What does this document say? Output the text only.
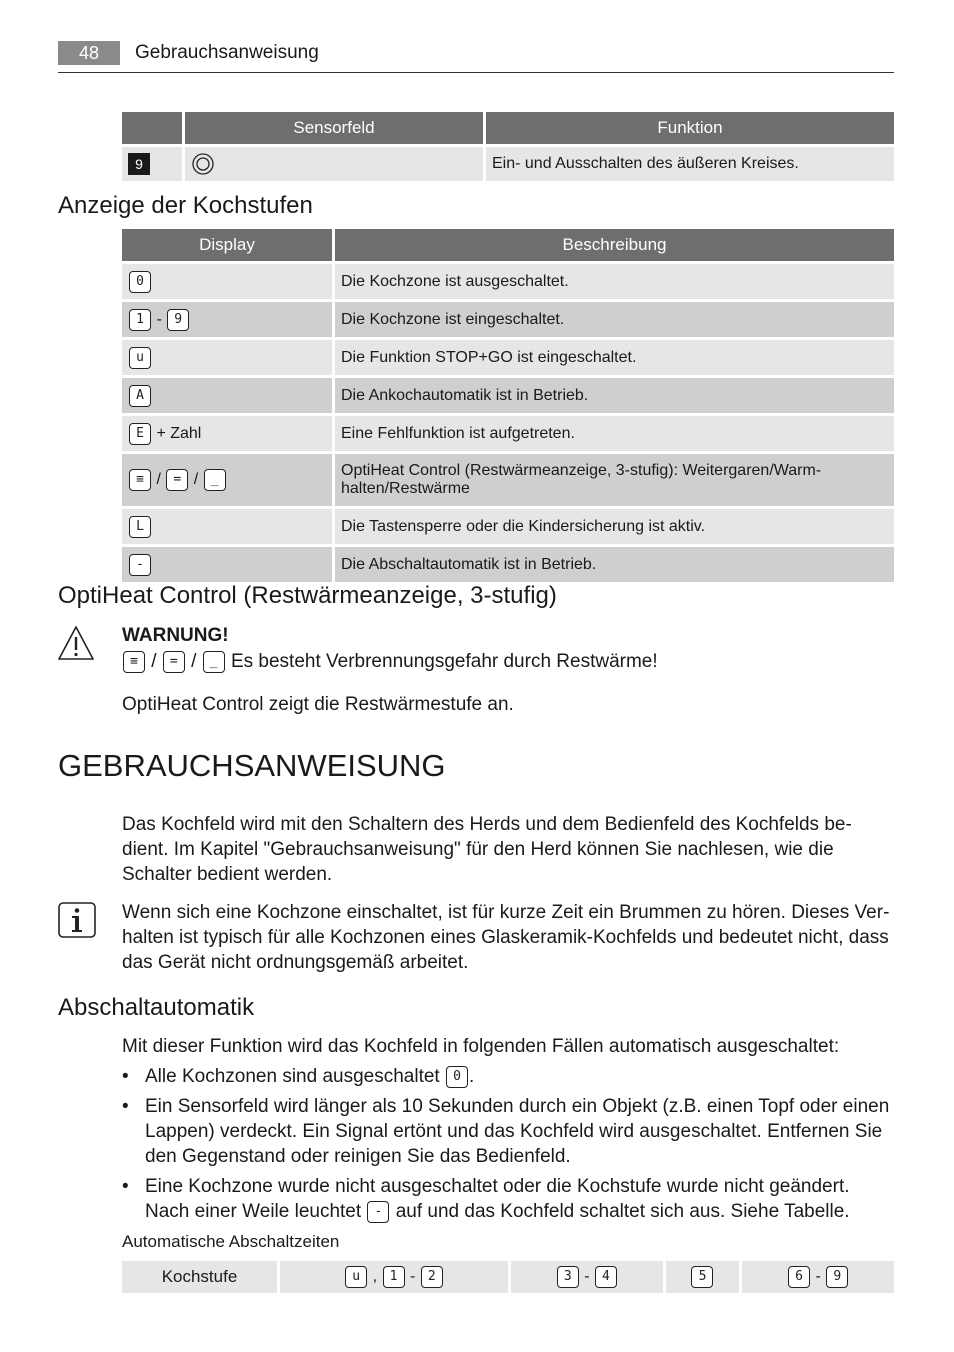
48	Gebrauchsanweisung
	Sensorfeld	Funktion
9		Ein- und Ausschalten des äußeren Kreises.
Anzeige der Kochstufen
Display	Beschreibung
0	Die Kochzone ist ausgeschaltet.
1 - 9	Die Kochzone ist eingeschaltet.
u	Die Funktion STOP+GO ist eingeschaltet.
A	Die Ankochautomatik ist in Betrieb.
E + Zahl	Eine Fehlfunktion ist aufgetreten.
≡ / = / _	OptiHeat Control (Restwärmeanzeige, 3-stufig): Weitergaren/Warm-halten/Restwärme
L	Die Tastensperre oder die Kindersicherung ist aktiv.
-	Die Abschaltautomatik ist in Betrieb.
OptiHeat Control (Restwärmeanzeige, 3-stufig)
WARNUNG!
≡ / = / _ Es besteht Verbrennungsgefahr durch Restwärme!
OptiHeat Control zeigt die Restwärmestufe an.
GEBRAUCHSANWEISUNG

Das Kochfeld wird mit den Schaltern des Herds und dem Bedienfeld des Kochfelds be-dient. Im Kapitel "Gebrauchsanweisung" für den Herd können Sie nachlesen, wie die Schalter bedient werden.

Wenn sich eine Kochzone einschaltet, ist für kurze Zeit ein Brummen zu hören. Dieses Ver-halten ist typisch für alle Kochzonen eines Glaskeramik-Kochfelds und bedeutet nicht, dass das Gerät nicht ordnungsgemäß arbeitet.

Abschaltautomatik

Mit dieser Funktion wird das Kochfeld in folgenden Fällen automatisch ausgeschaltet:

• Alle Kochzonen sind ausgeschaltet 0 .
• Ein Sensorfeld wird länger als 10 Sekunden durch ein Objekt (z.B. einen Topf oder einen Lappen) verdeckt. Ein Signal ertönt und das Kochfeld wird ausgeschaltet. Entfernen Sie den Gegenstand oder reinigen Sie das Bedienfeld.
• Eine Kochzone wurde nicht ausgeschaltet oder die Kochstufe wurde nicht geändert. Nach einer Weile leuchtet - auf und das Kochfeld schaltet sich aus. Siehe Tabelle.
Automatische Abschaltzeiten
Kochstufe	u , 1 - 2	3 - 4	5	6 - 9
